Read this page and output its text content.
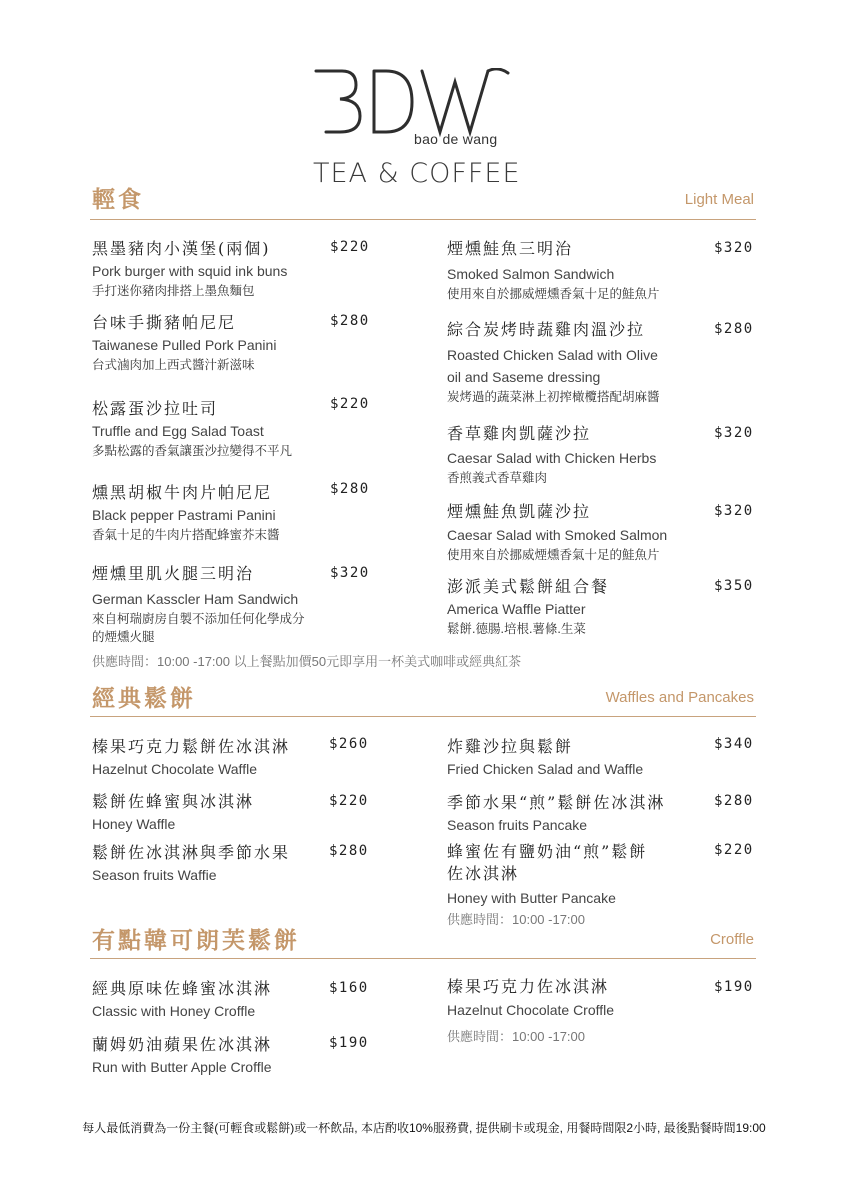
bao de wang
TEA & COFFEE
輕食	Light Meal
黑墨豬肉小漢堡(兩個)
Pork burger with squid ink buns
手打迷你豬肉排搭上墨魚麵包
$220
台味手撕豬帕尼尼
Taiwanese Pulled Pork Panini
台式滷肉加上西式醬汁新滋味
$280
松露蛋沙拉吐司
Truffle and Egg Salad Toast
多點松露的香氣讓蛋沙拉變得不平凡
$220
燻黑胡椒牛肉片帕尼尼
Black pepper Pastrami Panini
香氣十足的牛肉片搭配蜂蜜芥末醬
$280
煙燻里肌火腿三明治
German Kasscler Ham Sandwich
來自柯瑞廚房自製不添加任何化學成分
的煙燻火腿
$320
煙燻鮭魚三明治
Smoked Salmon Sandwich
使用來自於挪威煙燻香氣十足的鮭魚片
$320
綜合炭烤時蔬雞肉溫沙拉
Roasted Chicken Salad with Olive
oil and Saseme dressing
炭烤過的蔬菜淋上初搾橄欖搭配胡麻醬
$280
香草雞肉凱薩沙拉
Caesar Salad with Chicken Herbs
香煎義式香草雞肉
$320
煙燻鮭魚凱薩沙拉
Caesar Salad with Smoked Salmon
使用來自於挪威煙燻香氣十足的鮭魚片
$320
澎派美式鬆餅組合餐
America Waffle Piatter
鬆餅.德腸.培根.薯條.生菜
$350
供應時間：10:00 -17:00 以上餐點加價50元即享用一杯美式咖啡或經典紅茶
經典鬆餅	Waffles and Pancakes
榛果巧克力鬆餅佐冰淇淋
Hazelnut Chocolate Waffle
$260
鬆餅佐蜂蜜與冰淇淋
Honey Waffle
$220
鬆餅佐冰淇淋與季節水果
Season fruits Waffie
$280
炸雞沙拉與鬆餅
Fried Chicken Salad and Waffle
$340
季節水果“煎”鬆餅佐冰淇淋
Season fruits Pancake
$280
蜂蜜佐有鹽奶油“煎”鬆餅
佐冰淇淋
Honey with Butter Pancake
$220
供應時間：10:00 -17:00
有點韓可朗芙鬆餅	Croffle
經典原味佐蜂蜜冰淇淋
Classic with Honey Croffle
$160
蘭姆奶油蘋果佐冰淇淋
Run with Butter Apple Croffle
$190
榛果巧克力佐冰淇淋
Hazelnut Chocolate Croffle
$190
供應時間：10:00 -17:00
每人最低消費為一份主餐(可輕食或鬆餅)或一杯飲品, 本店酌收10%服務費, 提供刷卡或現金, 用餐時間限2小時, 最後點餐時間19:00
